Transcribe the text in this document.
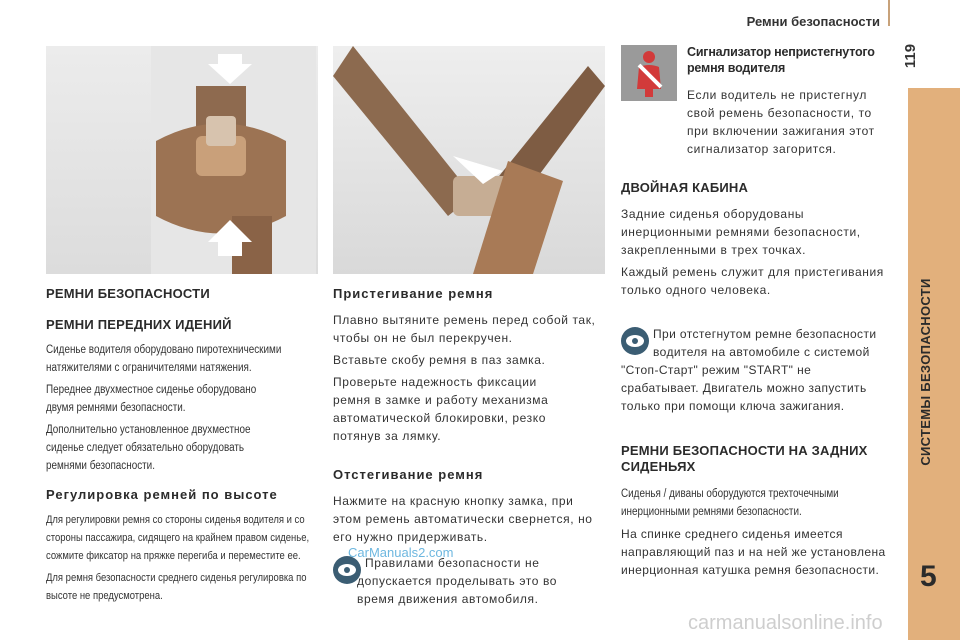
Ремни безопасности
119
СИСТЕМЫ БЕЗОПАСНОСТИ
5
РЕМНИ БЕЗОПАСНОСТИ
РЕМНИ ПЕРЕДНИХ ИДЕНИЙ

Сиденье водителя оборудовано пиротехническими
натяжителями с ограничителями натяжения.

Переднее двухместное сиденье оборудовано
двумя ремнями безопасности.

Дополнительно установленное двухместное
сиденье следует обязательно оборудовать
ремнями безопасности.

Регулировка ремней по высоте

Для регулировки ремня со стороны сиденья водителя и со
стороны пассажира, сидящего на крайнем правом сиденье,
сожмите фиксатор на пряжке перегиба и переместите ее.

Для ремня безопасности среднего сиденья регулировка по
высоте не предусмотрена.

Пристегивание ремня

Плавно вытяните ремень перед собой так,
чтобы он не был перекручен.

Вставьте скобу ремня в паз замка.

Проверьте надежность фиксации
ремня в замке и работу механизма
автоматической блокировки, резко
потянув за лямку.

Отстегивание ремня

Нажмите на красную кнопку замка, при
этом ремень автоматически свернется, но
его нужно придерживать.

Правилами безопасности не
допускается проделывать это во
время движения автомобиля.

Сигнализатор непристегнутого
ремня водителя

Если водитель не пристегнул
свой ремень безопасности, то
при включении зажигания этот
сигнализатор загорится.

ДВОЙНАЯ КАБИНА

Задние сиденья оборудованы
инерционными ремнями безопасности,
закрепленными в трех точках.

Каждый ремень служит для пристегивания
только одного человека.

При отстегнутом ремне безопасности
водителя на автомобиле с системой
"Стоп-Старт" режим "START" не
срабатывает. Двигатель можно запустить
только при помощи ключа зажигания.

РЕМНИ БЕЗОПАСНОСТИ НА ЗАДНИХ
СИДЕНЬЯХ

Сиденья / диваны оборудуются трехточечными
инерционными ремнями безопасности.

На спинке среднего сиденья имеется
направляющий паз и на ней же установлена
инерционная катушка ремня безопасности.

CarManuals2.com
carmanualsonline.info
